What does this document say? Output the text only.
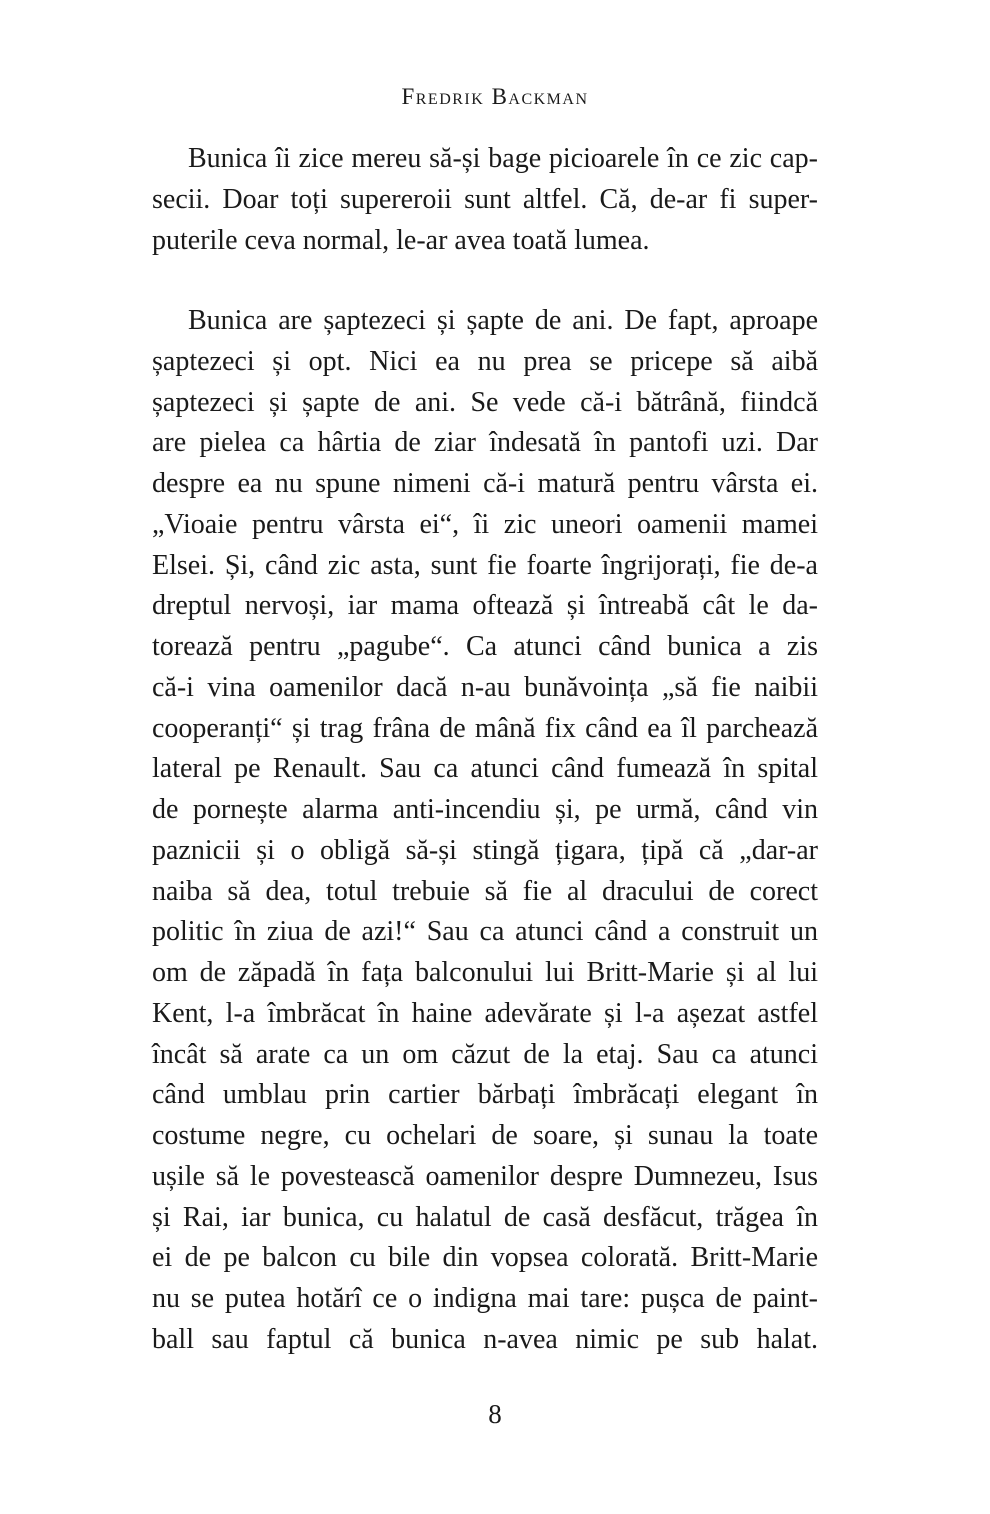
Fredrik Backman
Bunica îi zice mereu să-și bage picioarele în ce zic cap-
secii. Doar toți supereroii sunt altfel. Că, de-ar fi super-
puterile ceva normal, le-ar avea toată lumea.
Bunica are șaptezeci și șapte de ani. De fapt, aproape
șaptezeci și opt. Nici ea nu prea se pricepe să aibă
șaptezeci și șapte de ani. Se vede că-i bătrână, fiindcă
are pielea ca hârtia de ziar îndesată în pantofi uzi. Dar
despre ea nu spune nimeni că-i matură pentru vârsta ei.
„Vioaie pentru vârsta ei“, îi zic uneori oamenii mamei
Elsei. Și, când zic asta, sunt fie foarte îngrijorați, fie de-a
dreptul nervoși, iar mama oftează și întreabă cât le da-
torează pentru „pagube“. Ca atunci când bunica a zis
că-i vina oamenilor dacă n-au bunăvoința „să fie naibii
cooperanți“ și trag frâna de mână fix când ea îl parchează
lateral pe Renault. Sau ca atunci când fumează în spital
de pornește alarma anti-incendiu și, pe urmă, când vin
paznicii și o obligă să-și stingă țigara, țipă că „dar-ar
naiba să dea, totul trebuie să fie al dracului de corect
politic în ziua de azi!“ Sau ca atunci când a construit un
om de zăpadă în fața balconului lui Britt-Marie și al lui
Kent, l-a îmbrăcat în haine adevărate și l-a așezat astfel
încât să arate ca un om căzut de la etaj. Sau ca atunci
când umblau prin cartier bărbați îmbrăcați elegant în
costume negre, cu ochelari de soare, și sunau la toate
ușile să le povestească oamenilor despre Dumnezeu, Isus
și Rai, iar bunica, cu halatul de casă desfăcut, trăgea în
ei de pe balcon cu bile din vopsea colorată. Britt-Marie
nu se putea hotărî ce o indigna mai tare: pușca de paint-
ball sau faptul că bunica n-avea nimic pe sub halat.
8
